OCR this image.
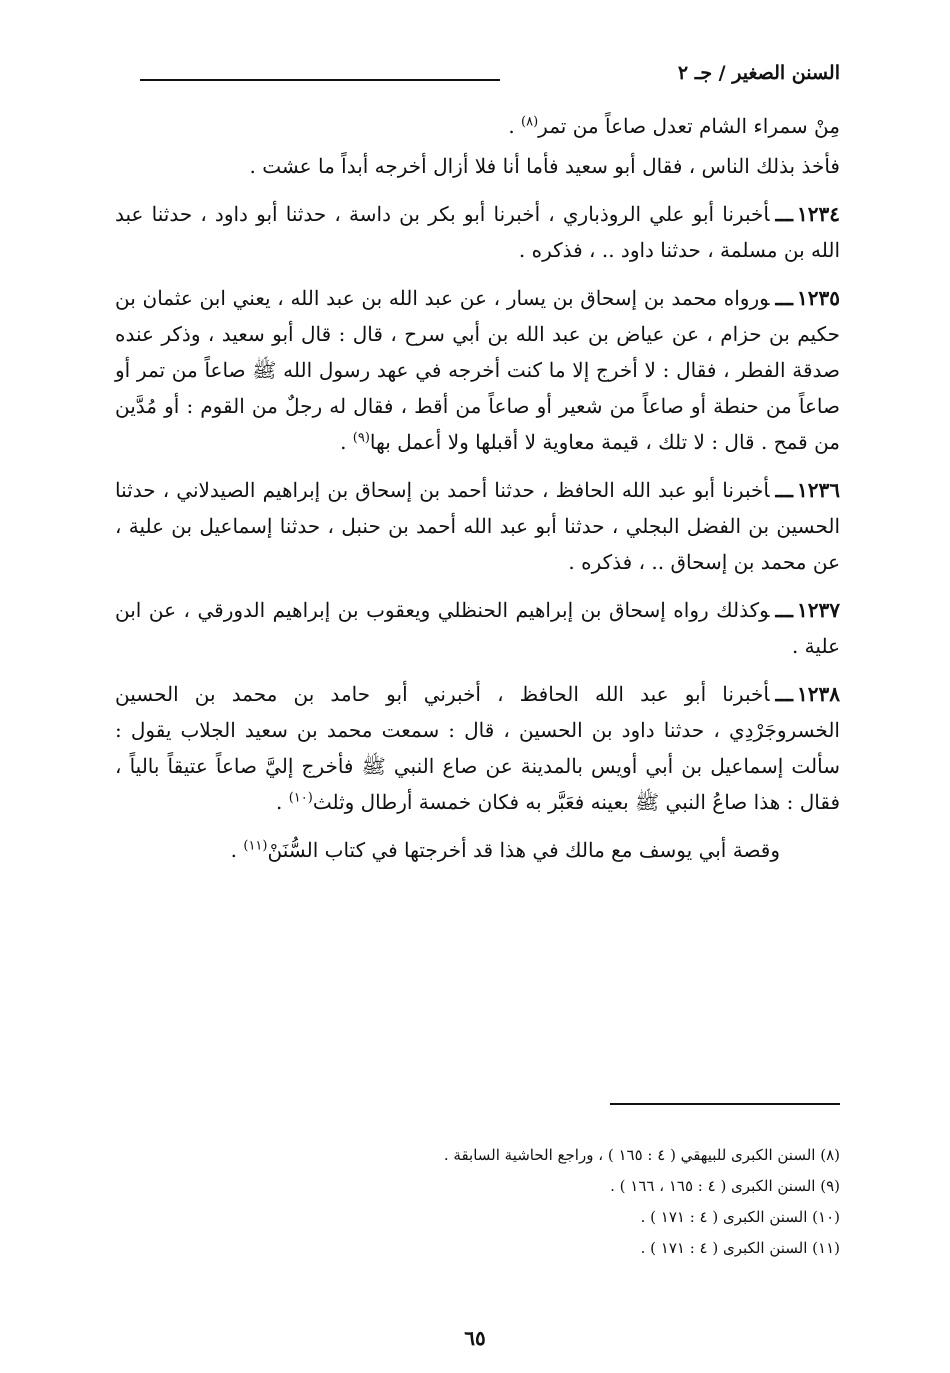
السنن الصغير / جـ ٢

مِنْ سمراء الشام تعدل صاعاً من تمر$^{(٨)}$ .

فأخذ بذلك الناس ، فقال أبو سعيد فأما أنا فلا أزال أخرجه أبداً ما عشت .

١٢٣٤ـــأخبرنا أبو علي الروذباري ، أخبرنا أبو بكر بن داسة ، حدثنا أبو داود ، حدثنا عبد الله بن مسلمة ، حدثنا داود .. ، فذكره .

١٢٣٥ـــورواه محمد بن إسحاق بن يسار ، عن عبد الله بن عبد الله ، يعني ابن عثمان بن حكيم بن حزام ، عن عياض بن عبد الله بن أبي سرح ، قال : قال أبو سعيد ، وذكر عنده صدقة الفطر ، فقال : لا أخرج إلا ما كنت أخرجه في عهد رسول الله ﷺ صاعاً من تمر أو صاعاً من حنطة أو صاعاً من شعير أو صاعاً من أقط ، فقال له رجلٌ من القوم : أو مُدَّين من قمح . قال : لا تلك ، قيمة معاوية لا أقبلها ولا أعمل بها$^{(٩)}$ .

١٢٣٦ـــأخبرنا أبو عبد الله الحافظ ، حدثنا أحمد بن إسحاق بن إبراهيم الصيدلاني ، حدثنا الحسين بن الفضل البجلي ، حدثنا أبو عبد الله أحمد بن حنبل ، حدثنا إسماعيل بن علية ، عن محمد بن إسحاق .. ، فذكره .

١٢٣٧ـــوكذلك رواه إسحاق بن إبراهيم الحنظلي ويعقوب بن إبراهيم الدورقي ، عن ابن علية .

١٢٣٨ـــأخبرنا أبو عبد الله الحافظ ، أخبرني أبو حامد بن محمد بن الحسين الخسروجَرْدِي ، حدثنا داود بن الحسين ، قال : سمعت محمد بن سعيد الجلاب يقول : سألت إسماعيل بن أبي أويس بالمدينة عن صاع النبي ﷺ فأخرج إليَّ صاعاً عتيقاً بالياً ، فقال : هذا صاعُ النبي ﷺ بعينه فعَبَّر به فكان خمسة أرطال وثلث$^{(١٠)}$ .

وقصة أبي يوسف مع مالك في هذا قد أخرجتها في كتاب السُّنَنْ$^{(١١)}$ .

(٨) السنن الكبرى للبيهقي ( ٤ : ١٦٥ ) ، وراجع الحاشية السابقة .

(٩) السنن الكبرى ( ٤ : ١٦٥ ، ١٦٦ ) .

(١٠) السنن الكبرى ( ٤ : ١٧١ ) .

(١١) السنن الكبرى ( ٤ : ١٧١ ) .

٦٥
